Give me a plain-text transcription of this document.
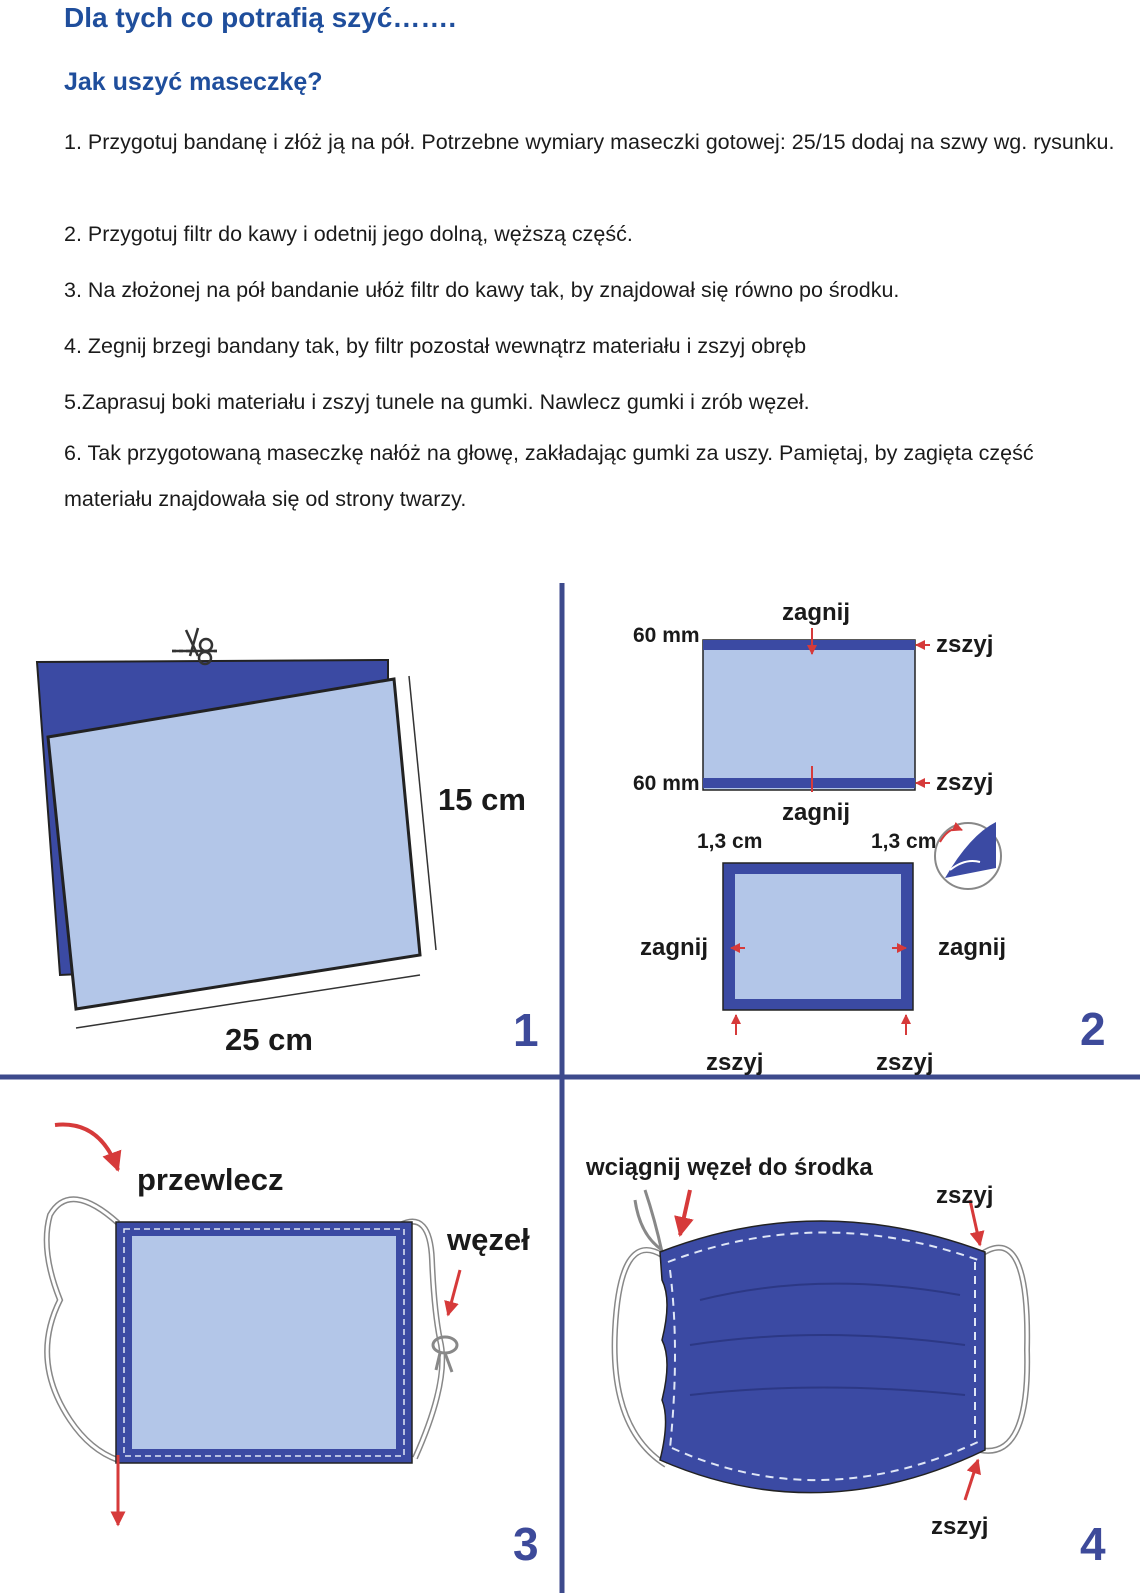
Dla tych co potrafią szyć…….
Jak uszyć maseczkę?

1. Przygotuj bandanę i złóż ją na pół. Potrzebne wymiary maseczki gotowej: 25/15 dodaj na szwy wg. rysunku.

2. Przygotuj filtr do kawy i odetnij jego dolną, węższą część.

3. Na złożonej na pół bandanie ułóż filtr do kawy tak, by znajdował się równo po środku.

4. Zegnij brzegi bandany tak, by filtr pozostał wewnątrz materiału i zszyj obręb

5.Zaprasuj boki materiału i zszyj tunele na gumki. Nawlecz gumki i zrób węzeł.

6. Tak przygotowaną maseczkę nałóż na głowę, zakładając gumki za uszy. Pamiętaj, by zagięta część materiału znajdowała się od strony twarzy.

15 cm
25 cm	1
60 mm
60 mm
zagnij
zagnij
zszyj
zszyj
1,3 cm	1,3 cm
zagnij	zagnij
zszyj	zszyj
2
przewlecz
węzeł
3
wciągnij węzeł do środka
zszyj
zszyj 4
